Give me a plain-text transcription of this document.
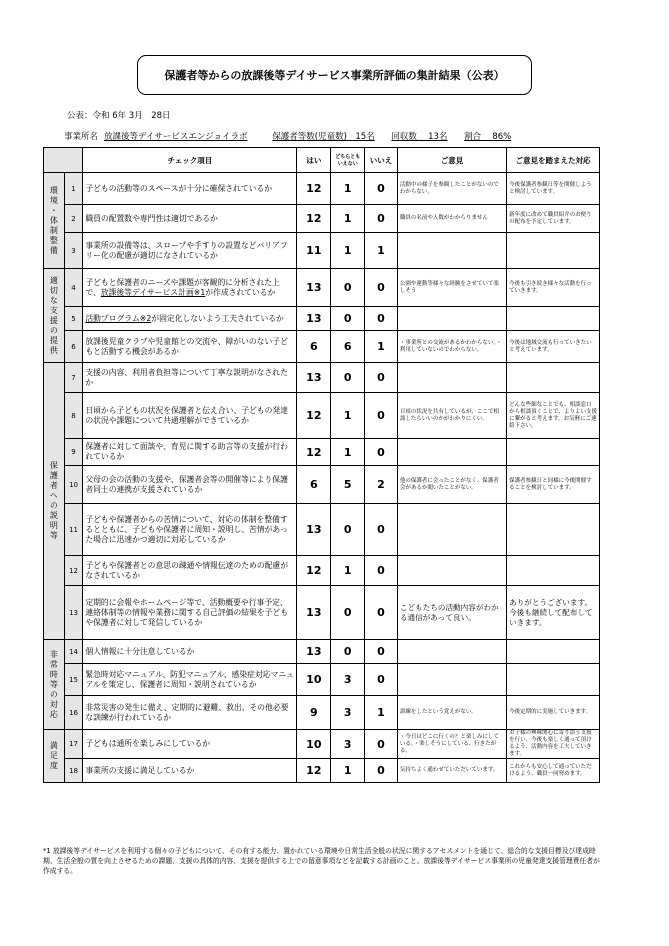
保護者等からの放課後等デイサービス事業所評価の集計結果（公表）
公表：令和 6年 3月　28日
事業所名 放課後等デイサービスエンジョイラボ	保護者等数(児童数)　15名 回収数　 13名 割合　 86%
		チェック項目	はい	どちらともいえない	いいえ	ご意見	ご意見を踏まえた対応
環境・体制整備	1	子どもの活動等のスペースが十分に確保されているか	12	1	0	活動中の様子を参観したことがないのでわからない。	今後保護者参観日等を開催しようと検討しています。
	2	職員の配置数や専門性は適切であるか	12	1	0	職員の名前や人数がわからりません	新年度に改めて職員紹介のお便りの配布を予定しています。
	3	事業所の設備等は、スロープや手すりの設置などバリアフリー化の配慮が適切になされているか	11	1	1		
適切な支援の提供	4	子どもと保護者のニーズや課題が客観的に分析された上で、放課後等デイサービス計画※1が作成されているか	13	0	0	公園や運動等様々な経験をさせていて楽しそう	今後も引き続き様々な活動を行っていきます。
	5	活動プログラム※2が固定化しないよう工夫されているか	13	0	0		
	6	放課後児童クラブや児童館との交流や、障がいのない子どもと活動する機会があるか	6	6	1	・事業所との交流があるかわからない。・利用していないのでわからない。	今後は地域交流も行っていきたいと考えています。
保護者への説明等	7	支援の内容、利用者負担等について丁寧な説明がなされたか	13	0	0		
	8	日頃から子どもの状況を保護者と伝え合い、子どもの発達の状況や課題について共通理解ができているか	12	1	0	日頃の状況を共有しているが、ここで相談したらいいのかがわかりにくい。	どんな些細なことでも、相談窓口から相談頂くことで、よりよい支援に繋がると考えます。お気軽にご連絡下さい。
	9	保護者に対して面談や、育児に関する助言等の支援が行われているか	12	1	0		
	10	父母の会の活動の支援や、保護者会等の開催等により保護者同士の連携が支援されているか	6	5	2	他の保護者に会ったことがなく、保護者会があるか聞いたことがない。	保護者参観日と同様に今後開催することを検討しています。
	11	子どもや保護者からの苦情について、対応の体制を整備するとともに、子どもや保護者に周知・説明し、苦情があった場合に迅速かつ適切に対応しているか	13	0	0		
	12	子どもや保護者との意思の疎通や情報伝達のための配慮がなされているか	12	1	0		
	13	定期的に会報やホームページ等で、活動概要や行事予定、連絡体制等の情報や業務に関する自己評価の結果を子どもや保護者に対して発信しているか	13	0	0	こどもたちの活動内容がわかる通信があって良い。	ありがとうございます。今後も継続して配布していきます。
非常時等の対応	14	個人情報に十分注意しているか	13	0	0		
	15	緊急時対応マニュアル、防犯マニュアル、感染症対応マニュアルを策定し、保護者に周知・説明されているか	10	3	0		
	16	非常災害の発生に備え、定期的に避難、救出、その他必要な訓練が行われているか	9	3	1	訓練をしたという覚えがない。	今後定期的に実施していきます。
満足度	17	子どもは通所を楽しみにしているか	10	3	0	・今日はどこに行くの？と楽しみにしている。・楽しそうにしている、行きたがる。	お子様の興味関心に寄り添う支援を行い、今後も楽しく通って頂けるよう、活動内容を工夫していきます。
	18	事業所の支援に満足しているか	12	1	0	気持ちよく通わせていただいています。	これからも安心して通っていただけるよう、職員一同努めます。
*1 放課後等デイサービスを利用する個々の子どもについて、その有する能力、置かれている環境や日常生活全般の状況に関するアセスメントを通じて、総合的な支援目標及び達成時期、生活全般の質を向上させるための課題、支援の具体的内容、支援を提供する上での留意事項などを記載する計画のこと。放課後等デイサービス事業所の児童発達支援管理責任者が作成する。
